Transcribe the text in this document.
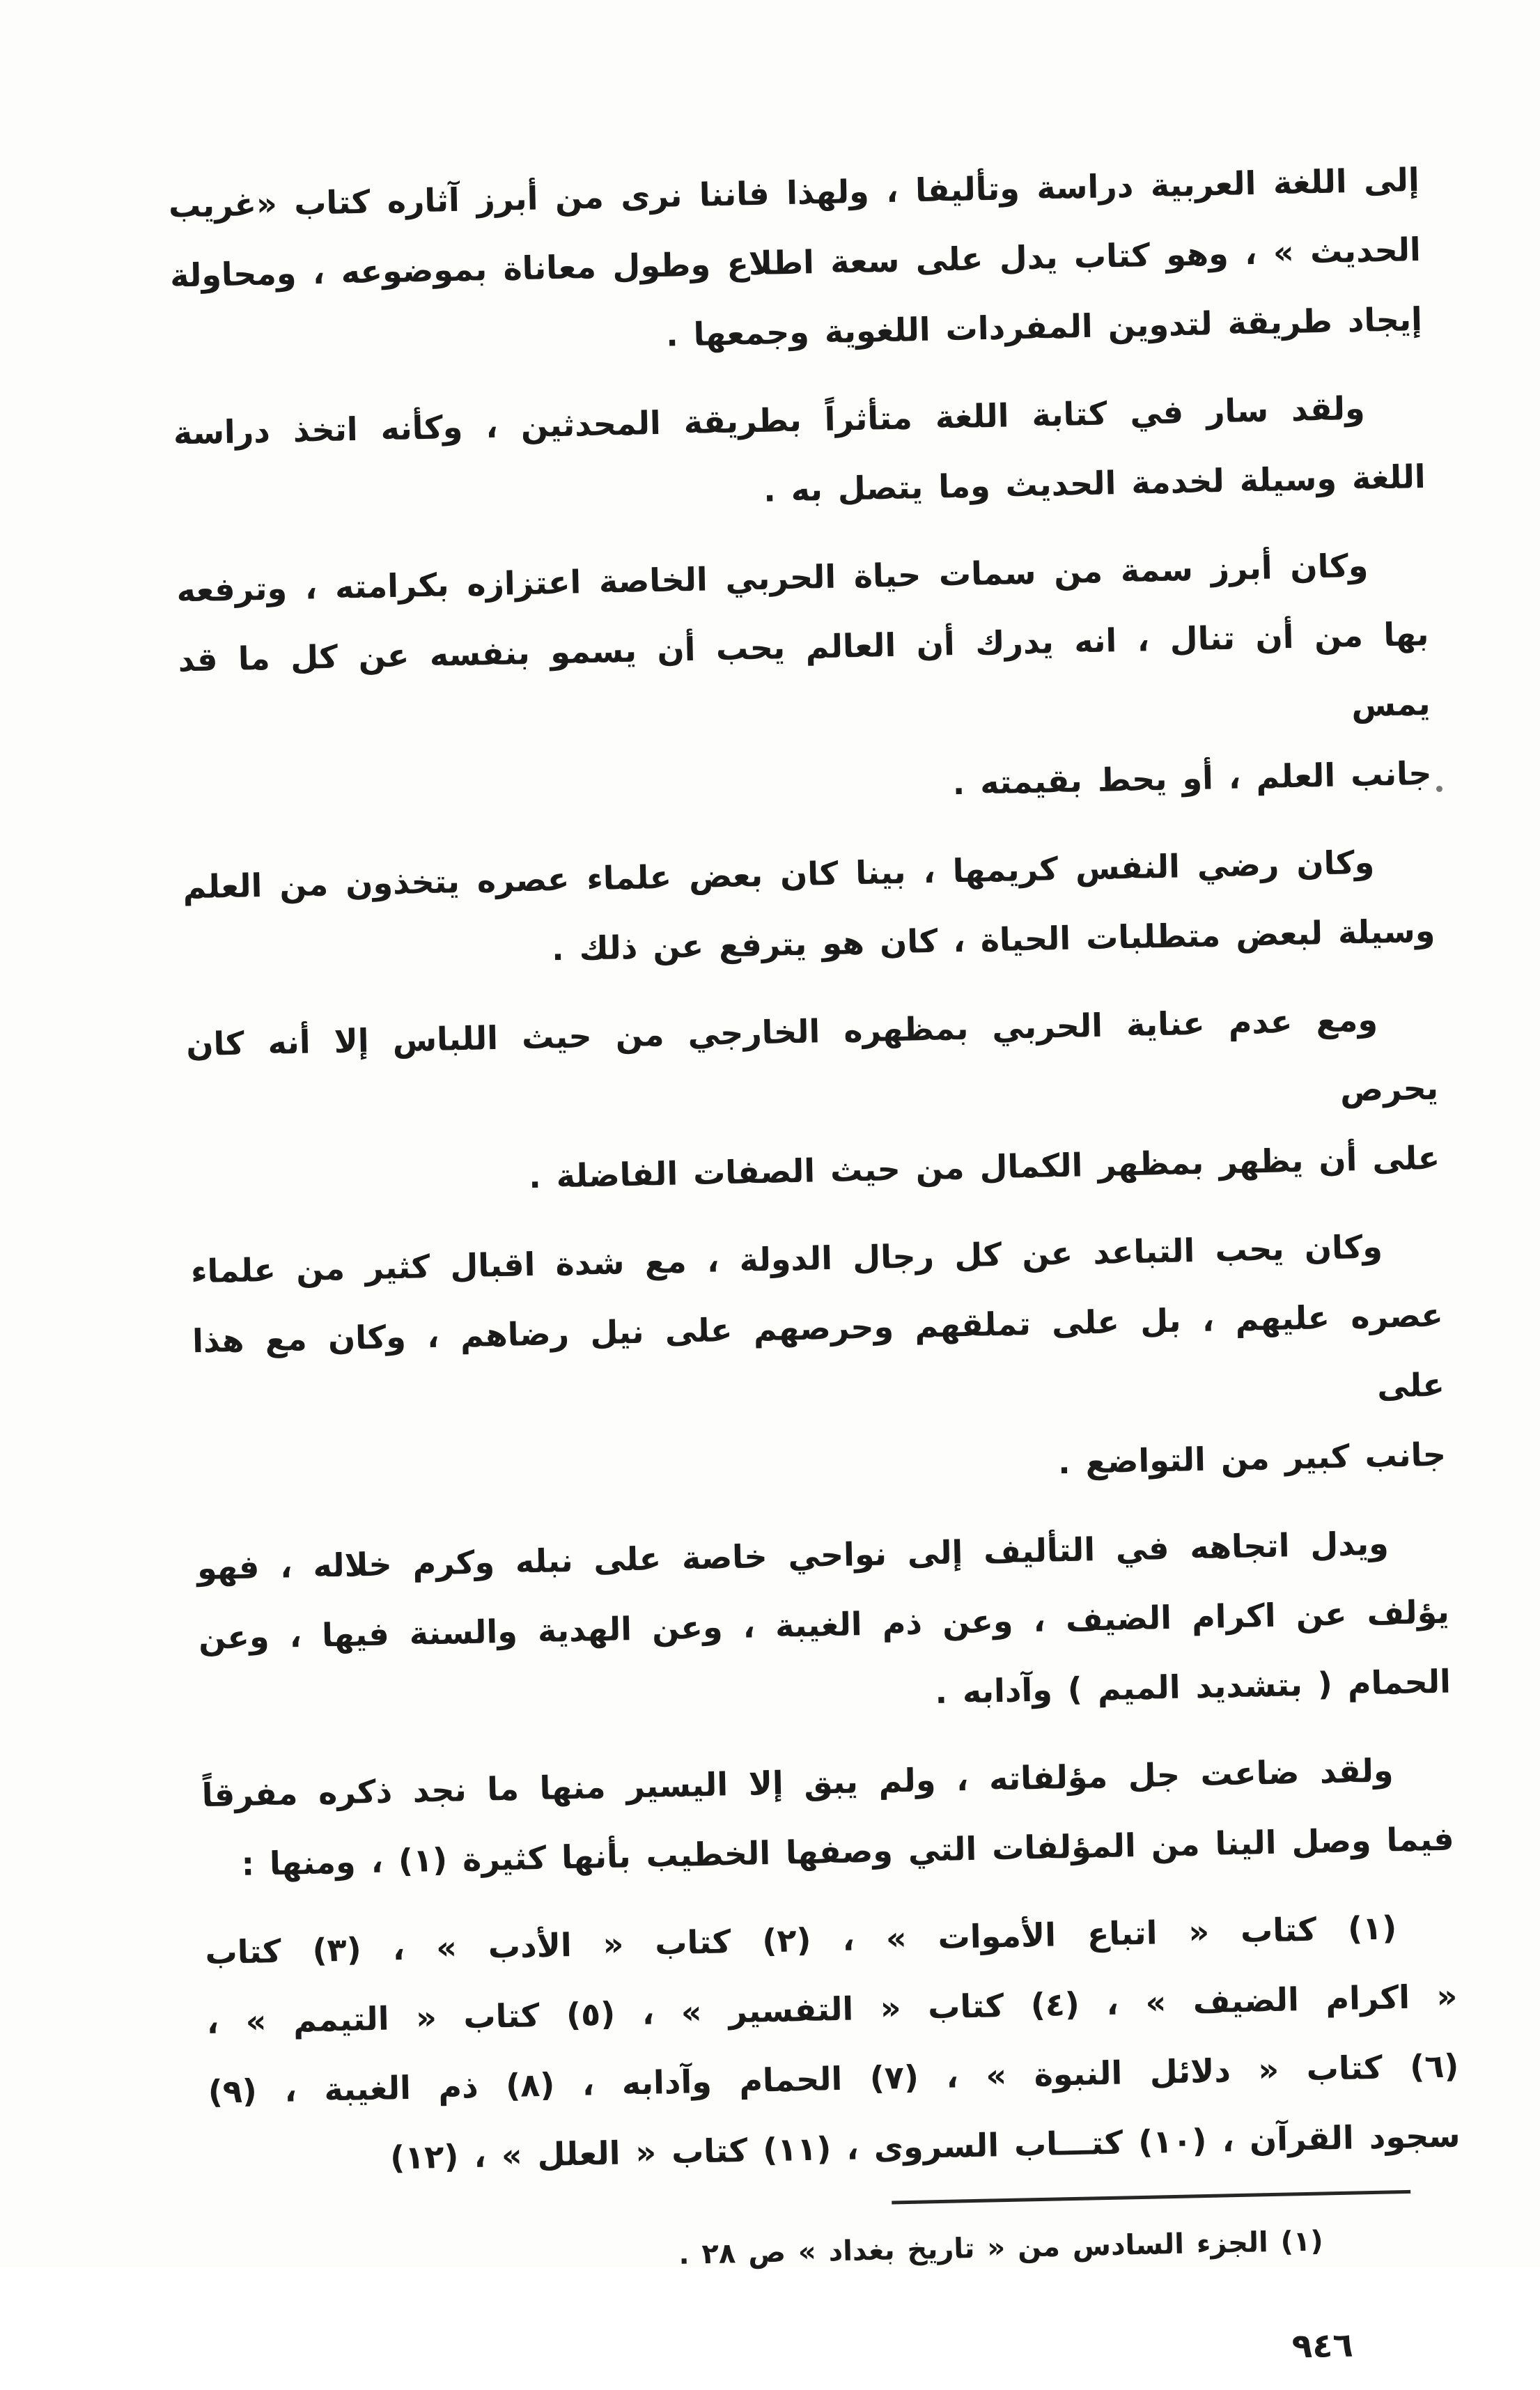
إلى اللغة العربية دراسة وتأليفا ، ولهذا فاننا نرى من أبرز آثاره كتاب «غريب
الحديث » ، وهو كتاب يدل على سعة اطلاع وطول معاناة بموضوعه ، ومحاولة
إيجاد طريقة لتدوين المفردات اللغوية وجمعها .
ولقد سار في كتابة اللغة متأثراً بطريقة المحدثين ، وكأنه اتخذ دراسة
اللغة وسيلة لخدمة الحديث وما يتصل به .
وكان أبرز سمة من سمات حياة الحربي الخاصة اعتزازه بكرامته ، وترفعه
بها من أن تنال ، انه يدرك أن العالم يحب أن يسمو بنفسه عن كل ما قد يمس
جانب العلم ، أو يحط بقيمته .
وكان رضي النفس كريمها ، بينا كان بعض علماء عصره يتخذون من العلم
وسيلة لبعض متطلبات الحياة ، كان هو يترفع عن ذلك .
ومع عدم عناية الحربي بمظهره الخارجي من حيث اللباس إلا أنه كان يحرص
على أن يظهر بمظهر الكمال من حيث الصفات الفاضلة .
وكان يحب التباعد عن كل رجال الدولة ، مع شدة اقبال كثير من علماء
عصره عليهم ، بل على تملقهم وحرصهم على نيل رضاهم ، وكان مع هذا على
جانب كبير من التواضع .
ويدل اتجاهه في التأليف إلى نواحي خاصة على نبله وكرم خلاله ، فهو
يؤلف عن اكرام الضيف ، وعن ذم الغيبة ، وعن الهدية والسنة فيها ، وعن
الحمام ( بتشديد الميم ) وآدابه .
ولقد ضاعت جل مؤلفاته ، ولم يبق إلا اليسير منها ما نجد ذكره مفرقاً
فيما وصل الينا من المؤلفات التي وصفها الخطيب بأنها كثيرة (١) ، ومنها :
(١) كتاب « اتباع الأموات » ، (٢) كتاب « الأدب » ، (٣) كتاب
« اكرام الضيف » ، (٤) كتاب « التفسير » ، (٥) كتاب « التيمم » ،
(٦) كتاب « دلائل النبوة » ، (٧) الحمام وآدابه ، (٨) ذم الغيبة ، (٩)
سجود القرآن ، (١٠) كتـــاب السروى ، (١١) كتاب « العلل » ، (١٢)
(١) الجزء السادس من « تاريخ بغداد » ص ٢٨ .
٩٤٦
